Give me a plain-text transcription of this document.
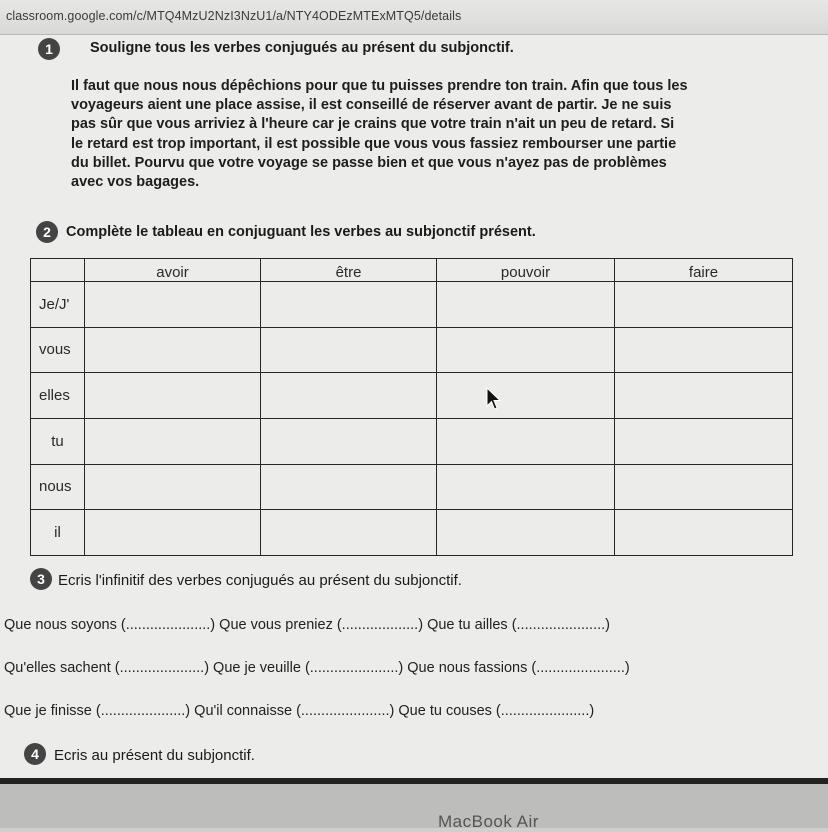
classroom.google.com/c/MTQ4MzU2NzI3NzU1/a/NTY4ODEzMTExMTQ5/details
1	Souligne tous les verbes conjugués au présent du subjonctif.
Il faut que nous nous dépêchions pour que tu puisses prendre ton train. Afin que tous les
voyageurs aient une place assise, il est conseillé de réserver avant de partir. Je ne suis
pas sûr que vous arriviez à l'heure car je crains que votre train n'ait un peu de retard. Si
le retard est trop important, il est possible que vous vous fassiez rembourser une partie
du billet. Pourvu que votre voyage se passe bien et que vous n'ayez pas de problèmes
avec vos bagages.
2	Complète le tableau en conjuguant les verbes au subjonctif présent.
	avoir	être	pouvoir	faire
Je/J'				
vous				
elles				
tu				
nous				
il				
3 Ecris l'infinitif des verbes conjugués au présent du subjonctif.
Que nous soyons (.....................) Que vous preniez (...................) Que tu ailles (......................)
Qu'elles sachent (.....................) Que je veuille (......................) Que nous fassions (......................)
Que je finisse (.....................) Qu'il connaisse (......................) Que tu couses (......................)
4	Ecris au présent du subjonctif.
MacBook Air
